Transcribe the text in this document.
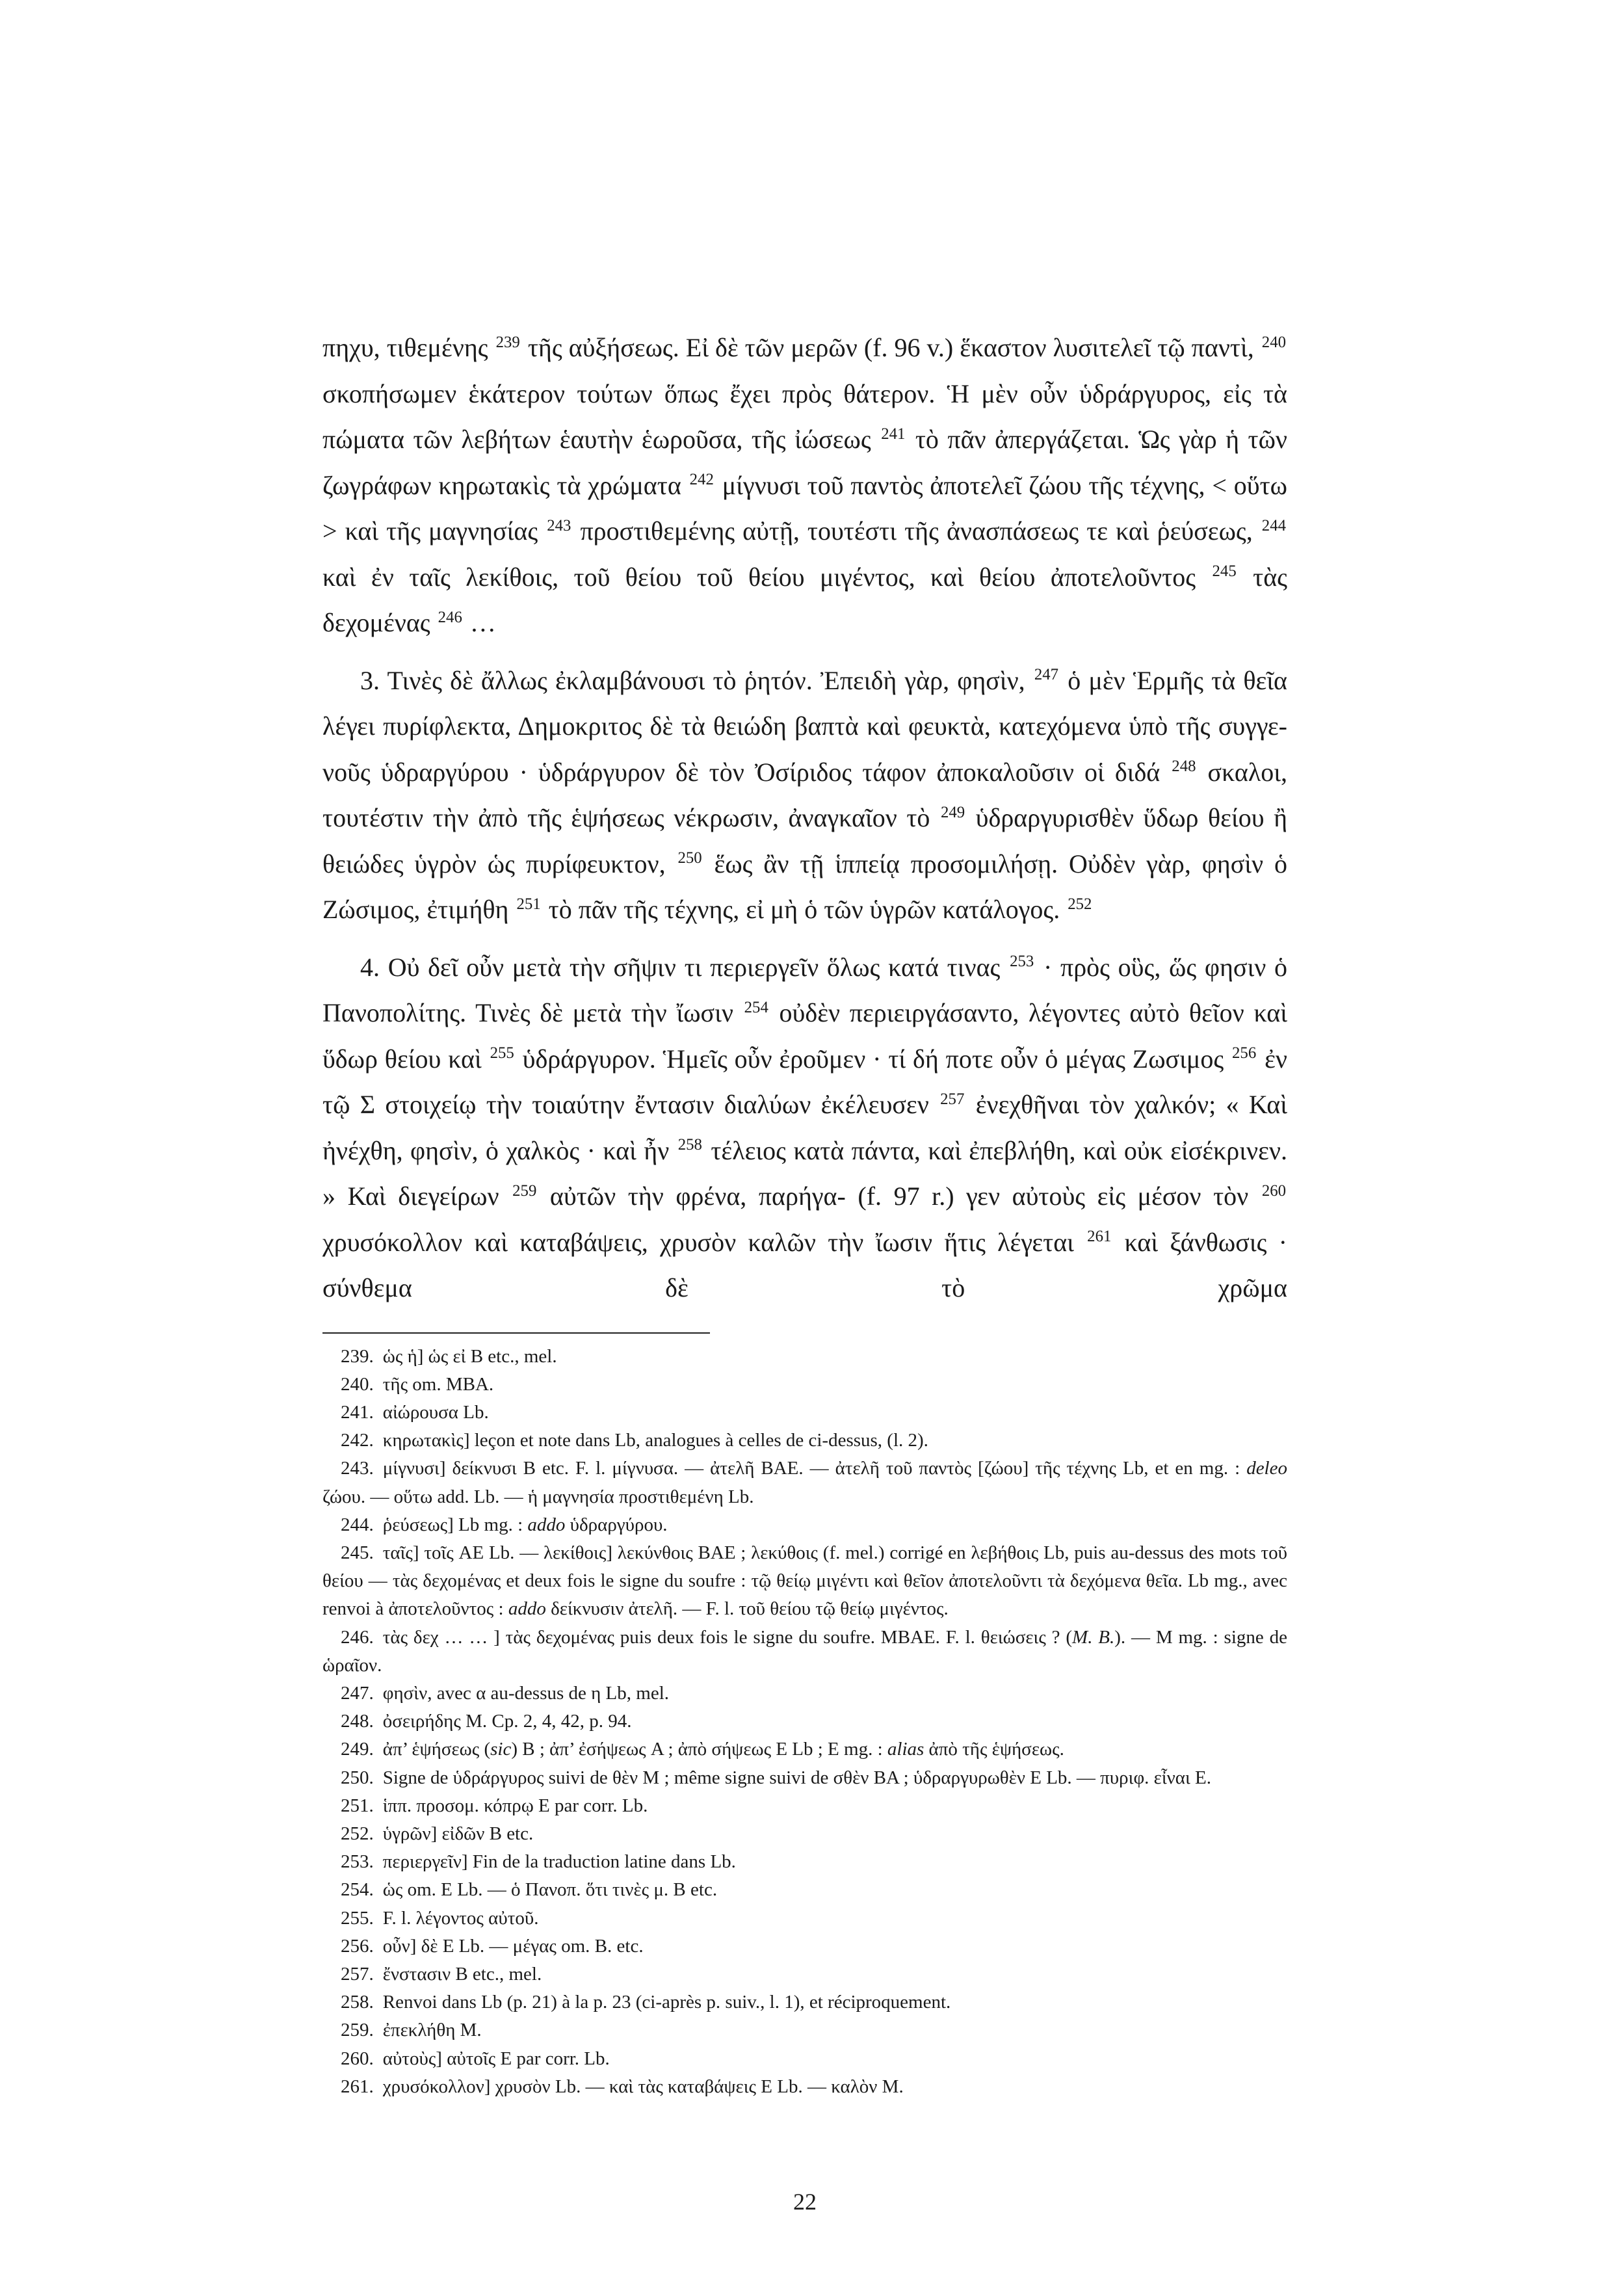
πηχυ, τιθεμένης $^{239}$ τῆς αὐξήσεως. Εἰ δὲ τῶν μερῶν (f. 96 v.) ἕκαστον λυσιτελεῖ τῷ παντὶ, $^{240}$ σκοπήσωμεν ἑκάτερον τούτων ὅπως ἔχει πρὸς θάτερον. Ἡ μὲν οὖν ὑδράργυρος, εἰς τὰ πώματα τῶν λεβήτων ἑαυτὴν ἑωροῦσα, τῆς ἰώσεως $^{241}$ τὸ πᾶν ἀπεργάζεται. Ὡς γὰρ ἡ τῶν ζωγράφων κηρωτακὶς τὰ χρώματα $^{242}$ μίγνυσι τοῦ παντὸς ἀποτελεῖ ζώου τῆς τέχνης, < οὕτω > καὶ τῆς μαγνησίας $^{243}$ προστιθεμένης αὐτῇ, τουτέστι τῆς ἀνασπάσεως τε καὶ ῥεύσεως, $^{244}$ καὶ ἐν ταῖς λεκίθοις, τοῦ θείου τοῦ θείου μιγέντος, καὶ θείου ἀποτελοῦντος $^{245}$ τὰς δεχομένας $^{246}$ …

3. Τινὲς δὲ ἄλλως ἐκλαμβάνουσι τὸ ῥητόν. Ἐπειδὴ γὰρ, φησὶν, $^{247}$ ὁ μὲν Ἑρμῆς τὰ θεῖα λέγει πυρίφλεκτα, Δημοκριτος δὲ τὰ θειώδη βαπτὰ καὶ φευκτὰ, κατεχόμενα ὑπὸ τῆς συγγενοῦς ὑδραργύρου · ὑδράργυρον δὲ τὸν Ὀσίριδος τάφον ἀποκαλοῦσιν οἱ διδά $^{248}$ σκαλοι, τουτέστιν τὴν ἀπὸ τῆς ἑψήσεως νέκρωσιν, ἀναγκαῖον τὸ $^{249}$ ὑδραργυρισθὲν ὕδωρ θείου ἢ θειώδες ὑγρὸν ὡς πυρίφευκτον, $^{250}$ ἕως ἂν τῇ ἱππείᾳ προσομιλήσῃ. Οὐδὲν γὰρ, φησὶν ὁ Ζώσιμος, ἐτιμήθη $^{251}$ τὸ πᾶν τῆς τέχνης, εἰ μὴ ὁ τῶν ὑγρῶν κατάλογος. $^{252}$

4. Οὐ δεῖ οὖν μετὰ τὴν σῆψιν τι περιεργεῖν ὅλως κατά τινας $^{253}$ · πρὸς οὓς, ὥς φησιν ὁ Πανοπολίτης. Τινὲς δὲ μετὰ τὴν ἴωσιν $^{254}$ οὐδὲν περιειργάσαντο, λέγοντες αὐτὸ θεῖον καὶ ὕδωρ θείου καὶ $^{255}$ ὑδράργυρον. Ἡμεῖς οὖν ἐροῦμεν · τί δή ποτε οὖν ὁ μέγας Ζωσιμος $^{256}$ ἐν τῷ Σ στοιχείῳ τὴν τοιαύτην ἔντασιν διαλύων ἐκέλευσεν $^{257}$ ἐνεχθῆναι τὸν χαλκόν; « Καὶ ἠνέχθη, φησὶν, ὁ χαλκὸς · καὶ ἦν $^{258}$ τέλειος κατὰ πάντα, καὶ ἐπεβλήθη, καὶ οὐκ εἰσέκρινεν. » Καὶ διεγείρων $^{259}$ αὐτῶν τὴν φρένα, παρήγα- (f. 97 r.) γεν αὐτοὺς εἰς μέσον τὸν $^{260}$ χρυσόκολλον καὶ καταβάψεις, χρυσὸν καλῶν τὴν ἴωσιν ἥτις λέγεται $^{261}$ καὶ ξάνθωσις · σύνθεμα δὲ τὸ χρῶμα

239. ὡς ἡ] ὡς εἰ B etc., mel.

240. τῆς om. MBA.

241. αἰώρουσα Lb.

242. κηρωτακὶς] leçon et note dans Lb, analogues à celles de ci-dessus, (l. 2).

243. μίγνυσι] δείκνυσι B etc. F. l. μίγνυσα. — ἀτελῆ BAE. — ἀτελῆ τοῦ παντὸς [ζώου] τῆς τέχνης Lb, et en mg. : deleo ζώου. — οὕτω add. Lb. — ἡ μαγνησία προστιθεμένη Lb.

244. ῥεύσεως] Lb mg. : addo ὑδραργύρου.

245. ταῖς] τοῖς AE Lb. — λεκίθοις] λεκύνθοις BAE ; λεκύθοις (f. mel.) corrigé en λεβήθοις Lb, puis au-dessus des mots τοῦ θείου — τὰς δεχομένας et deux fois le signe du soufre : τῷ θείῳ μιγέντι καὶ θεῖον ἀποτελοῦντι τὰ δεχόμενα θεῖα. Lb mg., avec renvoi à ἀποτελοῦντος : addo δείκνυσιν ἀτελῆ. — F. l. τοῦ θείου τῷ θείῳ μιγέντος.

246. τὰς δεχ … … ] τὰς δεχομένας puis deux fois le signe du soufre. MBAE. F. l. θειώσεις ? (M. B.). — M mg. : signe de ὡραῖον.

247. φησὶν, avec α au-dessus de η Lb, mel.

248. ὀσειρήδης M. Cp. 2, 4, 42, p. 94.

249. ἀπ’ ἑψήσεως (sic) B ; ἀπ’ ἐσήψεως A ; ἀπὸ σήψεως E Lb ; E mg. : alias ἀπὸ τῆς ἑψήσεως.

250. Signe de ὑδράργυρος suivi de θὲν M ; même signe suivi de σθὲν BA ; ὑδραργυρωθὲν E Lb. — πυριφ. εἶναι E.

251. ἱππ. προσομ. κόπρῳ E par corr. Lb.

252. ὑγρῶν] εἰδῶν B etc.

253. περιεργεῖν] Fin de la traduction latine dans Lb.

254. ὡς om. E Lb. — ὁ Πανοπ. ὅτι τινὲς μ. B etc.

255. F. l. λέγοντος αὐτοῦ.

256. οὖν] δὲ E Lb. — μέγας om. B. etc.

257. ἔνστασιν B etc., mel.

258. Renvoi dans Lb (p. 21) à la p. 23 (ci-après p. suiv., l. 1), et réciproquement.

259. ἐπεκλήθη M.

260. αὐτοὺς] αὐτοῖς E par corr. Lb.

261. χρυσόκολλον] χρυσὸν Lb. — καὶ τὰς καταβάψεις E Lb. — καλὸν M.

22
